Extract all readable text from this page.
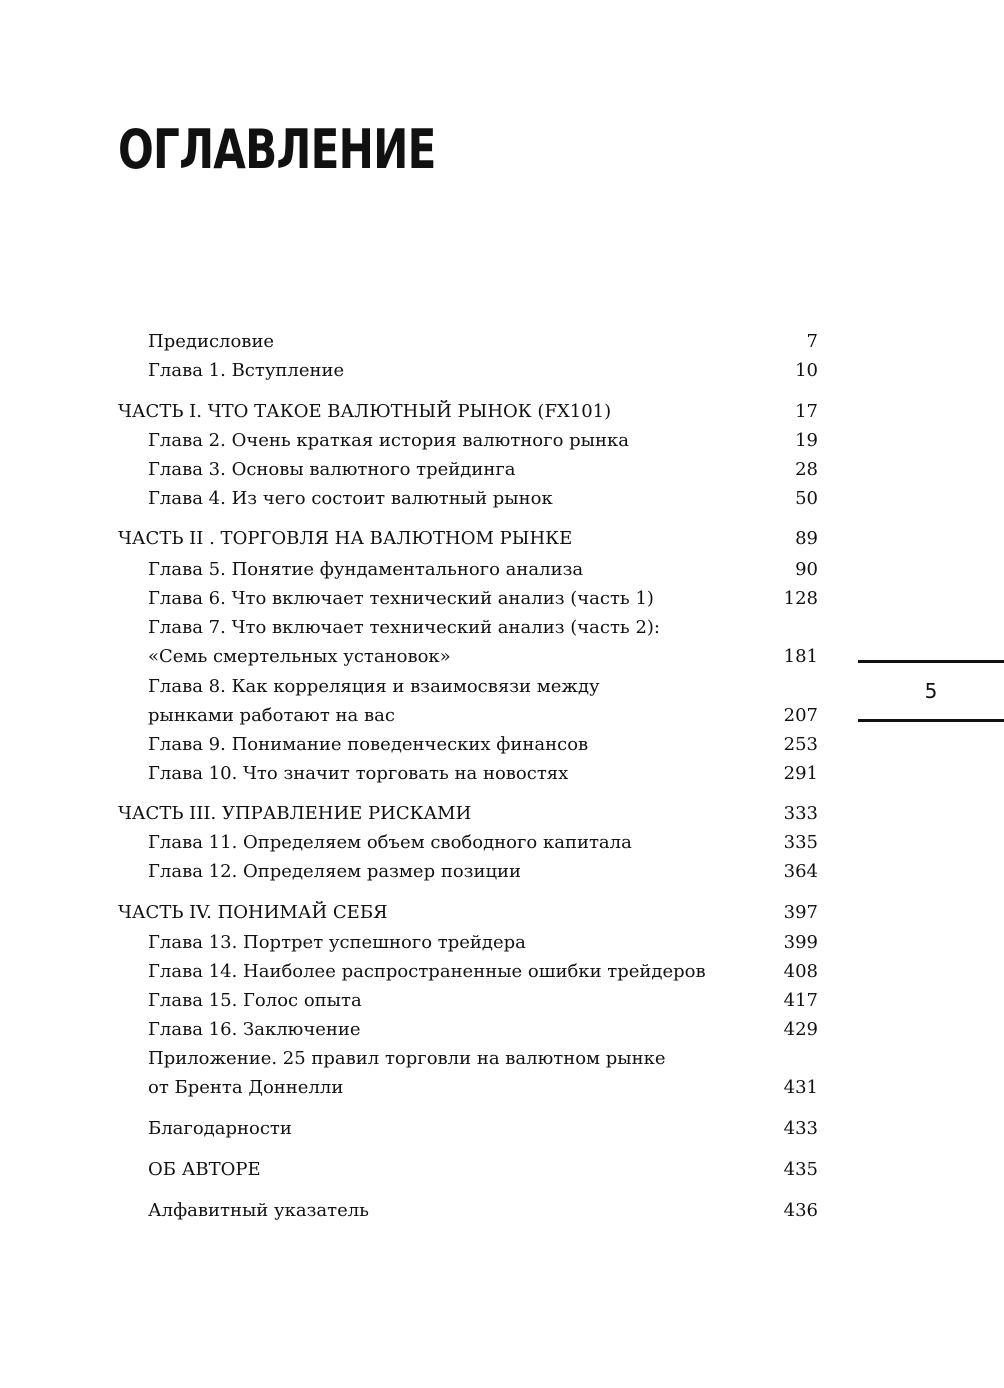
ОГЛАВЛЕНИЕ
Предисловие	7
Глава 1. Вступление	10
ЧАСТЬ I. ЧТО ТАКОЕ ВАЛЮТНЫЙ РЫНОК (FX101)	17
Глава 2. Очень краткая история валютного рынка	19
Глава 3. Основы валютного трейдинга	28
Глава 4. Из чего состоит валютный рынок	50
ЧАСТЬ II . ТОРГОВЛЯ НА ВАЛЮТНОМ РЫНКЕ	89
Глава 5. Понятие фундаментального анализа	90
Глава 6. Что включает технический анализ (часть 1)	128
Глава 7. Что включает технический анализ (часть 2):
«Семь смертельных установок»	181
Глава 8. Как корреляция и взаимосвязи между
рынками работают на вас	207
Глава 9. Понимание поведенческих финансов	253
Глава 10. Что значит торговать на новостях	291
ЧАСТЬ III. УПРАВЛЕНИЕ РИСКАМИ	333
Глава 11. Определяем объем свободного капитала	335
Глава 12. Определяем размер позиции	364
ЧАСТЬ IV. ПОНИМАЙ СЕБЯ	397
Глава 13. Портрет успешного трейдера	399
Глава 14. Наиболее распространенные ошибки трейдеров	408
Глава 15. Голос опыта	417
Глава 16. Заключение	429
Приложение. 25 правил торговли на валютном рынке
от Брента Доннелли	431
Благодарности	433
ОБ АВТОРЕ	435
Алфавитный указатель	436
5
